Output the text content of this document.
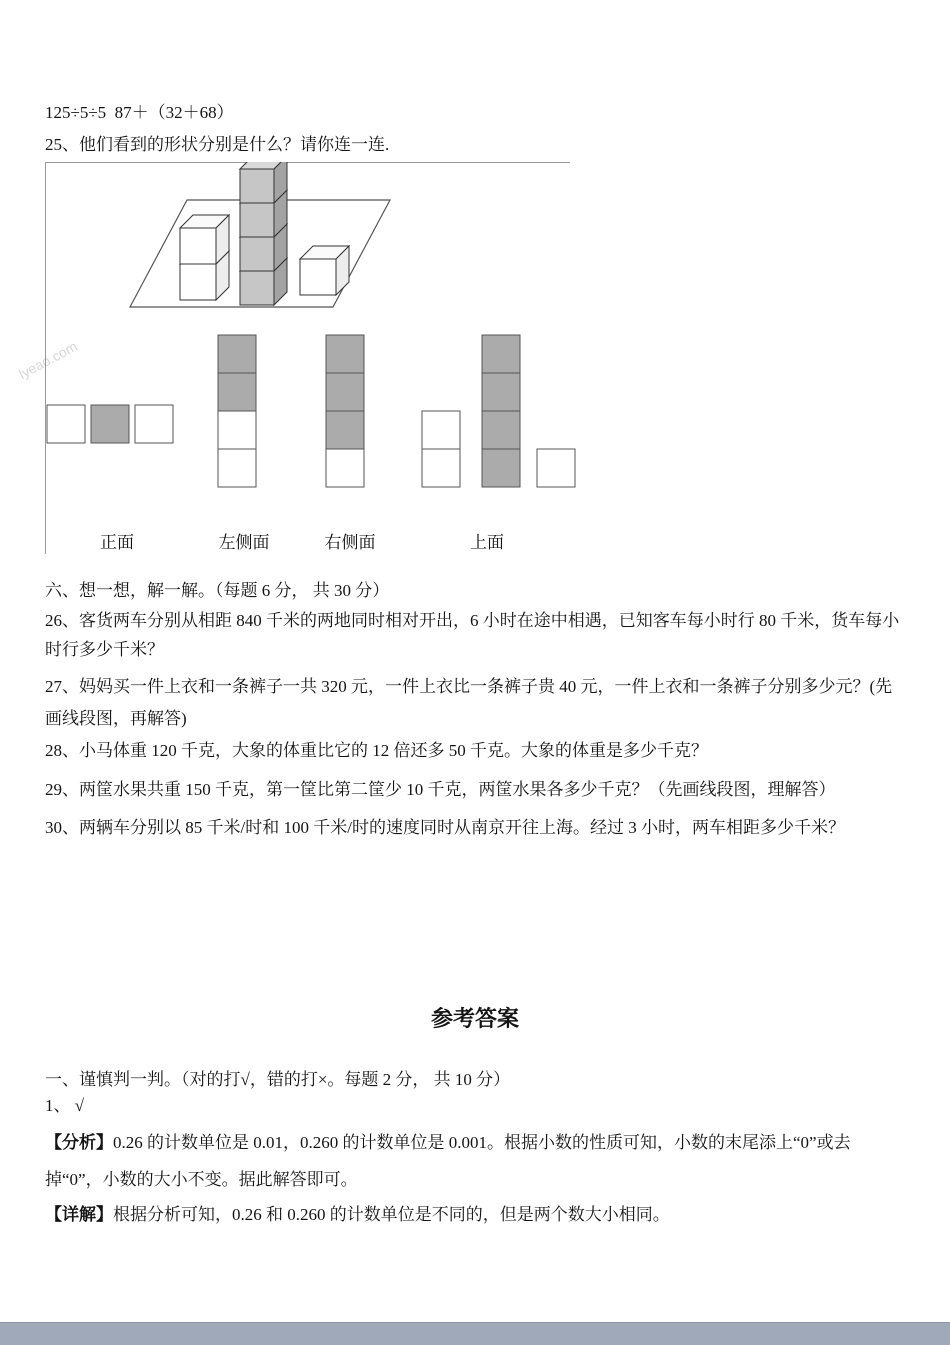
125÷5÷5  87＋（32＋68）

25、他们看到的形状分别是什么？请你连一连.

lyeao.com
正面	左侧面	右侧面	上面

六、想一想，解一解。（每题 6 分， 共 30 分）

26、客货两车分别从相距 840 千米的两地同时相对开出，6 小时在途中相遇，已知客车每小时行 80 千米，货车每小时行多少千米？

27、妈妈买一件上衣和一条裤子一共 320 元，一件上衣比一条裤子贵 40 元，一件上衣和一条裤子分别多少元？(先画线段图，再解答)

28、小马体重 120 千克，大象的体重比它的 12 倍还多 50 千克。大象的体重是多少千克？

29、两筐水果共重 150 千克，第一筐比第二筐少 10 千克，两筐水果各多少千克？（先画线段图，理解答）

30、两辆车分别以 85 千米/时和 100 千米/时的速度同时从南京开往上海。经过 3 小时，两车相距多少千米？

参考答案

一、谨慎判一判。（对的打√，错的打×。每题 2 分， 共 10 分）

1、 √

【分析】0.26 的计数单位是 0.01，0.260 的计数单位是 0.001。根据小数的性质可知，小数的末尾添上“0”或去掉“0”，小数的大小不变。据此解答即可。

【详解】根据分析可知，0.26 和 0.260 的计数单位是不同的，但是两个数大小相同。
